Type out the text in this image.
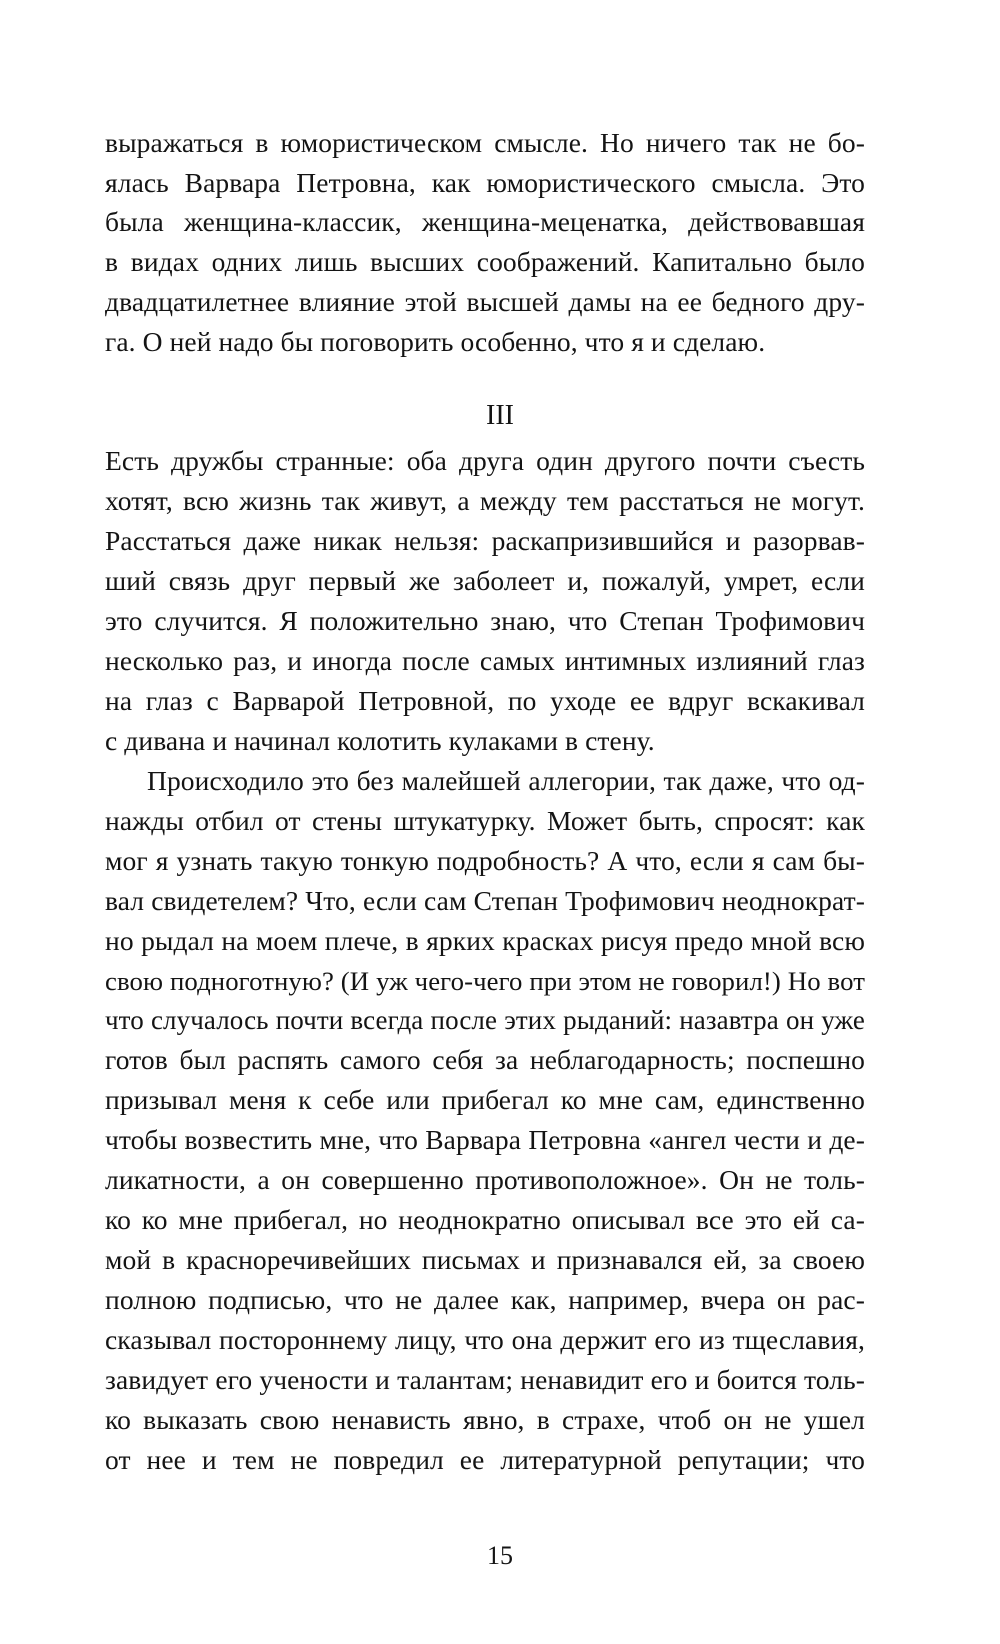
выражаться в юмористическом смысле. Но ничего так не бо-
ялась Варвара Петровна, как юмористического смысла. Это
была женщина-классик, женщина-меценатка, действовавшая
в видах одних лишь высших соображений. Капитально было
двадцатилетнее влияние этой высшей дамы на ее бедного дру-
га. О ней надо бы поговорить особенно, что я и сделаю.
III
Есть дружбы странные: оба друга один другого почти съесть
хотят, всю жизнь так живут, а между тем расстаться не могут.
Расстаться даже никак нельзя: раскапризившийся и разорвав-
ший связь друг первый же заболеет и, пожалуй, умрет, если
это случится. Я положительно знаю, что Степан Трофимович
несколько раз, и иногда после самых интимных излияний глаз
на глаз с Варварой Петровной, по уходе ее вдруг вскакивал
с дивана и начинал колотить кулаками в стену.
Происходило это без малейшей аллегории, так даже, что од-
нажды отбил от стены штукатурку. Может быть, спросят: как
мог я узнать такую тонкую подробность? А что, если я сам бы-
вал свидетелем? Что, если сам Степан Трофимович неоднократ-
но рыдал на моем плече, в ярких красках рисуя предо мной всю
свою подноготную? (И уж чего-чего при этом не говорил!) Но вот
что случалось почти всегда после этих рыданий: назавтра он уже
готов был распять самого себя за неблагодарность; поспешно
призывал меня к себе или прибегал ко мне сам, единственно
чтобы возвестить мне, что Варвара Петровна «ангел чести и де-
ликатности, а он совершенно противоположное». Он не толь-
ко ко мне прибегал, но неоднократно описывал все это ей са-
мой в красноречивейших письмах и признавался ей, за своею
полною подписью, что не далее как, например, вчера он рас-
сказывал постороннему лицу, что она держит его из тщеславия,
завидует его учености и талантам; ненавидит его и боится толь-
ко выказать свою ненависть явно, в страхе, чтоб он не ушел
от нее и тем не повредил ее литературной репутации; что
15
